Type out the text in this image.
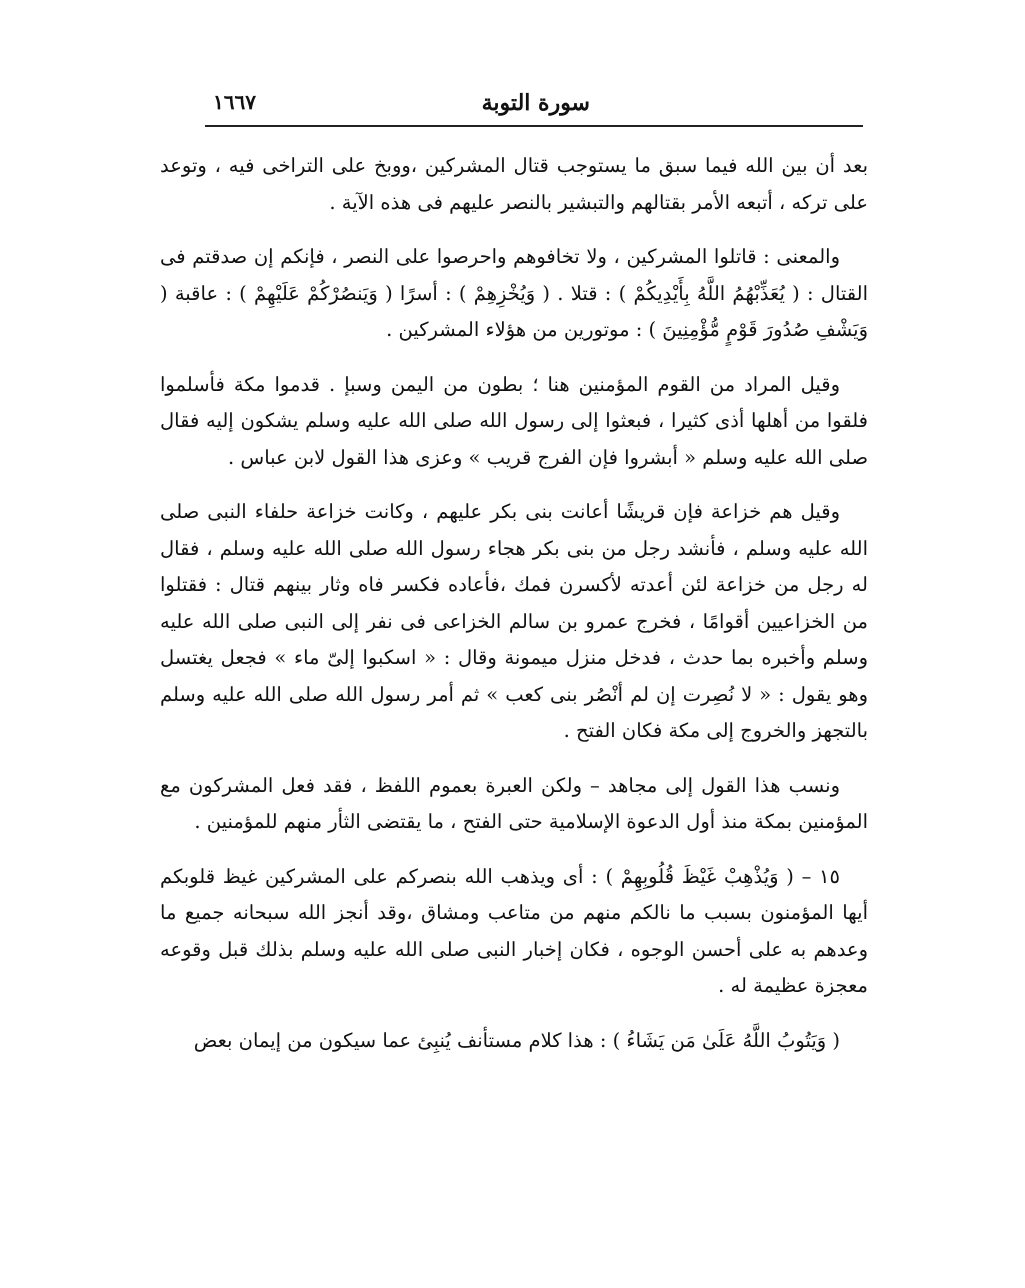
سورة التوبة
١٦٦٧

بعد أن بين الله فيما سبق ما يستوجب قتال المشركين ،ووبخ على التراخى فيه ، وتوعد على تركه ، أتبعه الأمر بقتالهم والتبشير بالنصر عليهم فى هذه الآية .

والمعنى : قاتلوا المشركين ، ولا تخافوهم واحرصوا على النصر ، فإنكم إن صدقتم فى القتال : ( يُعَذِّبْهُمُ اللَّهُ بِأَيْدِيكُمْ ) : قتلا . ( وَيُخْزِهِمْ ) : أسرًا ( وَيَنصُرْكُمْ عَلَيْهِمْ ) : عاقبة ( وَيَشْفِ صُدُورَ قَوْمٍ مُّؤْمِنِينَ ) : موتورين من هؤلاء المشركين .

وقيل المراد من القوم المؤمنين هنا ؛ بطون من اليمن وسبإ . قدموا مكة فأسلموا فلقوا من أهلها أذى كثيرا ، فبعثوا إلى رسول الله صلى الله عليه وسلم يشكون إليه فقال صلى الله عليه وسلم « أبشروا فإن الفرج قريب » وعزى هذا القول لابن عباس .

وقيل هم خزاعة فإن قريشًا أعانت بنى بكر عليهم ، وكانت خزاعة حلفاء النبى صلى الله عليه وسلم ، فأنشد رجل من بنى بكر هجاء رسول الله صلى الله عليه وسلم ، فقال له رجل من خزاعة لئن أعدته لأكسرن فمك ،فأعاده فكسر فاه وثار بينهم قتال : فقتلوا من الخزاعيين أقوامًا ، فخرج عمرو بن سالم الخزاعى فى نفر إلى النبى صلى الله عليه وسلم وأخبره بما حدث ، فدخل منزل ميمونة وقال : « اسكبوا إلىّ ماء » فجعل يغتسل وهو يقول : « لا نُصِرت إن لم أنْصُر بنى كعب » ثم أمر رسول الله صلى الله عليه وسلم بالتجهز والخروج إلى مكة فكان الفتح .

ونسب هذا القول إلى مجاهد – ولكن العبرة بعموم اللفظ ، فقد فعل المشركون مع المؤمنين بمكة منذ أول الدعوة الإسلامية حتى الفتح ، ما يقتضى الثأر منهم للمؤمنين .

١٥ – ( وَيُذْهِبْ غَيْظَ قُلُوبِهِمْ ) : أى ويذهب الله بنصركم على المشركين غيظ قلوبكم أيها المؤمنون بسبب ما نالكم منهم من متاعب ومشاق ،وقد أنجز الله سبحانه جميع ما وعدهم به على أحسن الوجوه ، فكان إخبار النبى صلى الله عليه وسلم بذلك قبل وقوعه معجزة عظيمة له .

( وَيَتُوبُ اللَّهُ عَلَىٰ مَن يَشَاءُ ) : هذا كلام مستأنف يُنبِئ عما سيكون من إيمان بعض
